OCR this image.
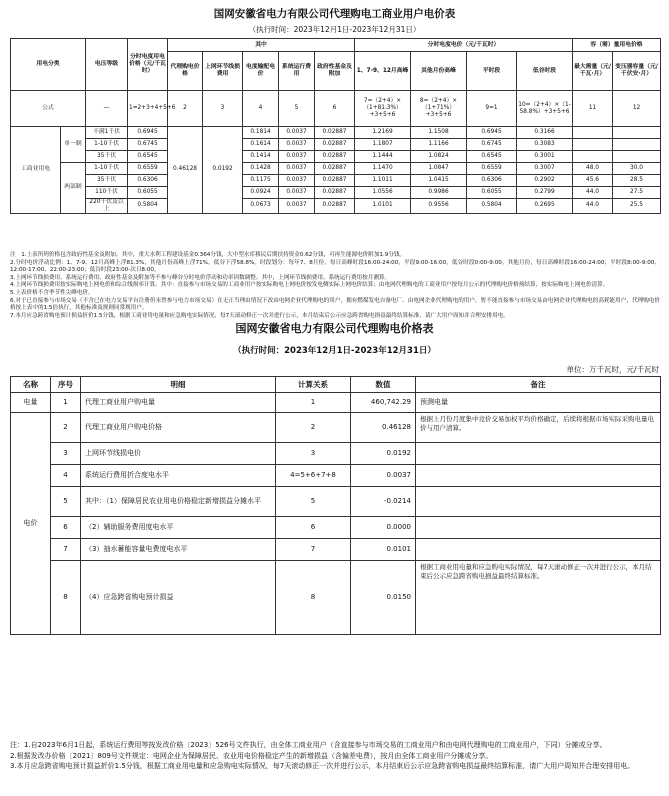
国网安徽省电力有限公司代理购电工商业用户电价表
（执行时间：2023年12月1日-2023年12月31日）
用电分类		电压等级	分时电度用电价格（元/千瓦时）	其中					分时电度电价（元/千瓦时）				容（需）量用电价格	
				代理购电价格	上网环节线损费用	电度输配电价	系统运行费用	政府性基金及附加	1、7-9、12月高峰	其他月份高峰	平时段	低谷时段	最大需量（元/千瓦·月）	变压器容量（元/千伏安·月）
公式		—	1=2+3+4+5+6	2	3	4	5	6	7=（2+4）×（1+81.3%）+3+5+6	8=（2+4）×（1+71%）+3+5+6	9=1	10=（2+4）×（1-58.8%）+3+5+6	11	12
工商业用电	单一制	不满1千伏	0.6945	0.46128	0.0192	0.1814	0.0037	0.02887	1.2169	1.1508	0.6945	0.3166		
		1-10千伏	0.6745			0.1614	0.0037	0.02887	1.1807	1.1166	0.6745	0.3083		
		35千伏	0.6545			0.1414	0.0037	0.02887	1.1444	1.0824	0.6545	0.3001		
	两部制	1-10千伏	0.6559			0.1428	0.0037	0.02887	1.1470	1.0847	0.6559	0.3007	48.0	30.0
		35千伏	0.6306			0.1175	0.0037	0.02887	1.1011	1.0415	0.6306	0.2902	45.6	28.5
		110千伏	0.6055			0.0924	0.0037	0.02887	1.0556	0.9986	0.6055	0.2799	44.0	27.5
		220千伏及以上	0.5804			0.0673	0.0037	0.02887	1.0101	0.9556	0.5804	0.2695	44.0	25.5

注　1.上表所列价格包含政府性基金及附加。其中，重大水利工程建设基金0.364分钱，大中型水库移民后期扶持资金0.62分钱，可再生能源电价附加1.9分钱。

2.分时电价浮动比例：1、7-9、12月高峰上浮81.3%，其他月份高峰上浮71%，低谷下浮58.8%。时段划分：每年7、8月份，每日高峰时段16:00-24:00，平段9:00-16:00，低谷时段0:00-9:00。其他月份，每日高峰时段16:00-24:00；平时段8:00-9:00、12:00-17:00、22:00-23:00；低谷时段23:00-次日8:00。

3.上网环节线损费用、系统运行费用、政府性基金及附加等不参与峰谷分时电价浮动和功率因数调整。其中，上网环节线损费用、系统运行费用按月测算。

4.上网环节线损费用按实际购电上网电价和综合线损率计算。其中：直接参与市场交易的工商业用户按实际购电上网电价按发电侧实际上网电价结算；由电网代理购电的工商业用户按每月公示的代理购电价格预结算，按实际购电上网电价清算。

5.上表价格不含季节性尖峰电价。

6.对于已直接参与市场交易（不含已在电力交易平台注册但未曾参与电力市场交易）在无正当理由情况下改由电网企业代理购电的用户，拥有燃煤发电自备电厂、由电网企业代理购电的用户，暂不能直接参与市场交易由电网企业代理购电的高耗能用户，代理购电价格按上表中的1.5倍执行，其他标准及规则同常规用户。

7.本月应急跨省购电预计损益折价1.5分钱，根据工商业用电量和应急购电实际情况，每7天滚动修正一次并进行公示，本月结束后公示应急跨省购电损益最终结算标准，请广大用户周知并合理安排用电。

国网安徽省电力有限公司代理购电价格表
（执行时间：2023年12月1日-2023年12月31日）
单位：万千瓦时，元/千瓦时
名称	序号	明细	计算关系	数值	备注
电量	1	代理工商业用户购电量	1	460,742.29	预测电量
电价	2	代理工商业用户购电价格	2	0.46128	根据上月份月度集中竞价交易加权平均价格确定，后续将根据市场实际采购电量电价与用户清算。
	3	上网环节线损电价	3	0.0192	
	4	系统运行费用折合度电水平	4=5+6+7+8	0.0037	
	5	其中：（1）保障居民农业用电价格稳定新增损益分摊水平	5	-0.0214	
	6	（2）辅助服务费用度电水平	6	0.0000	
	7	（3）抽水蓄能容量电费度电水平	7	0.0101	
	8	（4）应急跨省购电预计损益	8	0.0150	根据工商业用电量和应急购电实际情况，每7天滚动修正一次并进行公示，本月结束后公示应急跨省购电损益最终结算标准。

注：1.自2023年6月1日起，系统运行费用等按发改价格〔2023〕526号文件执行，由全体工商业用户（含直接参与市场交易的工商业用户和由电网代理购电的工商业用户，下同）分摊或分享。

2.根据发改办价格〔2021〕809号文件规定：电网企业为保障居民、农业用电价格稳定产生的新增损益（含偏差电费），按月由全体工商业用户分摊或分享。

3.本月应急跨省购电预计损益折价1.5分钱，根据工商业用电量和应急购电实际情况，每7天滚动修正一次并进行公示，本月结束后公示应急跨省购电损益最终结算标准，请广大用户周知并合理安排用电。
